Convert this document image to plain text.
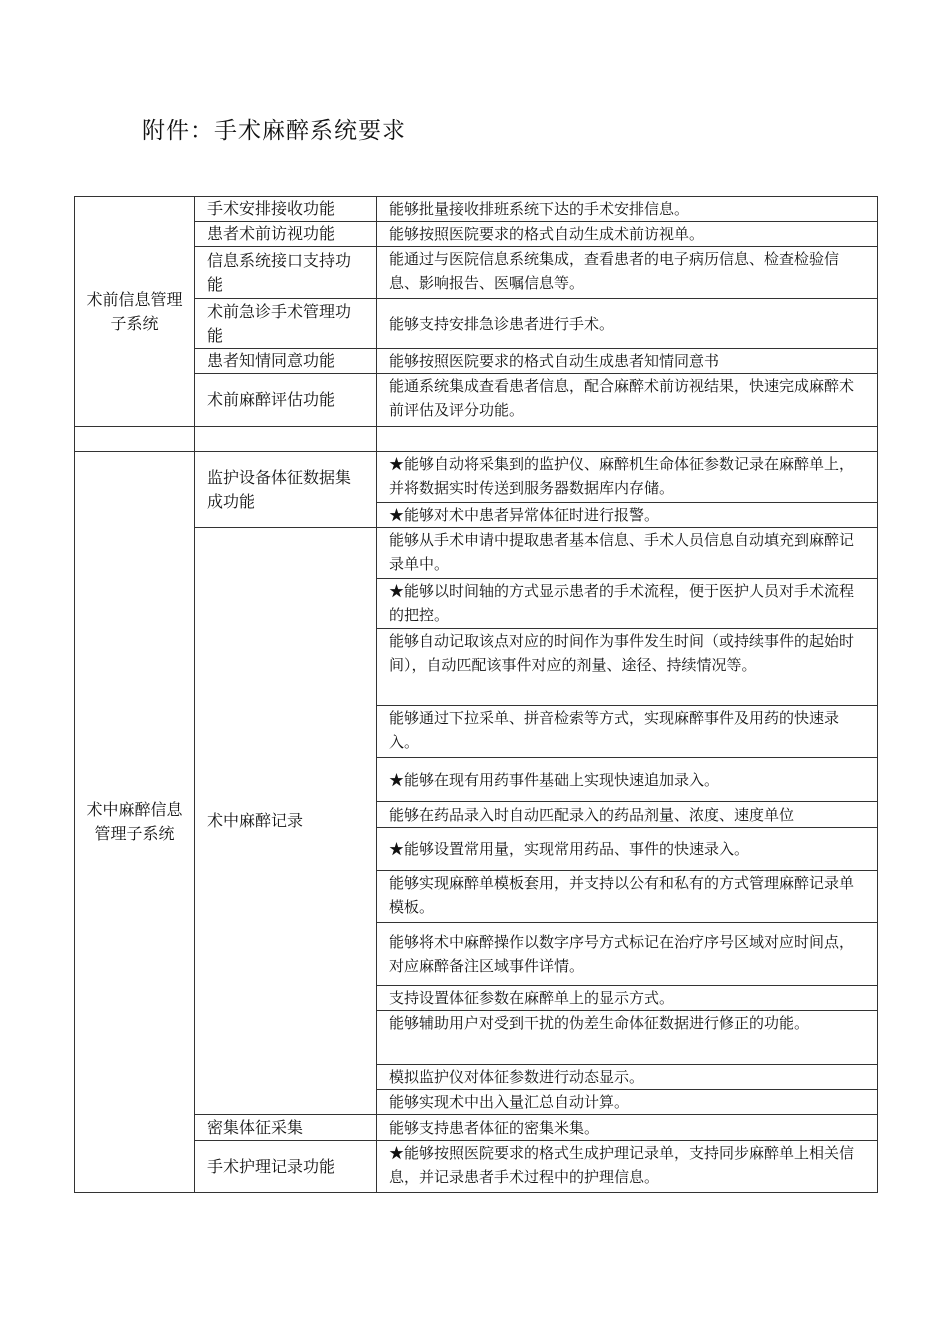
附件：手术麻醉系统要求
术前信息管理子系统	手术安排接收功能	能够批量接收排班系统下达的手术安排信息。
	患者术前访视功能	能够按照医院要求的格式自动生成术前访视单。
	信息系统接口支持功能	能通过与医院信息系统集成，查看患者的电子病历信息、检查检验信息、影响报告、医嘱信息等。
	术前急诊手术管理功能	能够支持安排急诊患者进行手术。
	患者知情同意功能	能够按照医院要求的格式自动生成患者知情同意书
	术前麻醉评估功能	能通系统集成查看患者信息，配合麻醉术前访视结果，快速完成麻醉术前评估及评分功能。

术中麻醉信息管理子系统	监护设备体征数据集成功能	★能够自动将采集到的监护仪、麻醉机生命体征参数记录在麻醉单上，并将数据实时传送到服务器数据库内存储。
		★能够对术中患者异常体征时进行报警。
	术中麻醉记录	能够从手术申请中提取患者基本信息、手术人员信息自动填充到麻醉记录单中。
		★能够以时间轴的方式显示患者的手术流程，便于医护人员对手术流程的把控。
		能够自动记取该点对应的时间作为事件发生时间（或持续事件的起始时间），自动匹配该事件对应的剂量、途径、持续情况等。
		能够通过下拉采单、拼音检索等方式，实现麻醉事件及用药的快速录入。
		★能够在现有用药事件基础上实现快速追加录入。
		能够在药品录入时自动匹配录入的药品剂量、浓度、速度单位
		★能够设置常用量，实现常用药品、事件的快速录入。
		能够实现麻醉单模板套用，并支持以公有和私有的方式管理麻醉记录单模板。
		能够将术中麻醉操作以数字序号方式标记在治疗序号区域对应时间点，对应麻醉备注区域事件详情。
		支持设置体征参数在麻醉单上的显示方式。
		能够辅助用户对受到干扰的伪差生命体征数据进行修正的功能。
		模拟监护仪对体征参数进行动态显示。
		能够实现术中出入量汇总自动计算。
	密集体征采集	能够支持患者体征的密集米集。
	手术护理记录功能	★能够按照医院要求的格式生成护理记录单，支持同步麻醉单上相关信息，并记录患者手术过程中的护理信息。
